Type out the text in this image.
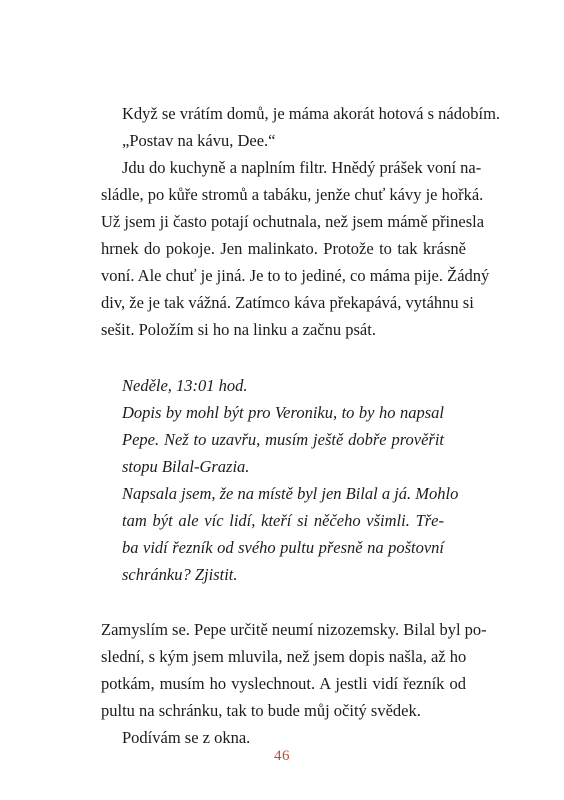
Když se vrátím domů, je máma akorát hotová s nádobím.
„Postav na kávu, Dee.“
Jdu do kuchyně a naplním filtr. Hnědý prášek voní na-
sládle, po kůře stromů a tabáku, jenže chuť kávy je hořká.
Už jsem ji často potají ochutnala, než jsem mámě přinesla
hrnek do pokoje. Jen malinkato. Protože to tak krásně
voní. Ale chuť je jiná. Je to to jediné, co máma pije. Žádný
div, že je tak vážná. Zatímco káva překapává, vytáhnu si
sešit. Položím si ho na linku a začnu psát.
Neděle, 13:01 hod.
Dopis by mohl být pro Veroniku, to by ho napsal
Pepe. Než to uzavřu, musím ještě dobře prověřit
stopu Bilal-Grazia.
Napsala jsem, že na místě byl jen Bilal a já. Mohlo
tam být ale víc lidí, kteří si něčeho všimli. Tře-
ba vidí řezník od svého pultu přesně na poštovní
schránku? Zjistit.
Zamyslím se. Pepe určitě neumí nizozemsky. Bilal byl po-
slední, s kým jsem mluvila, než jsem dopis našla, až ho
potkám, musím ho vyslechnout. A jestli vidí řezník od
pultu na schránku, tak to bude můj očitý svědek.
Podívám se z okna.
46
